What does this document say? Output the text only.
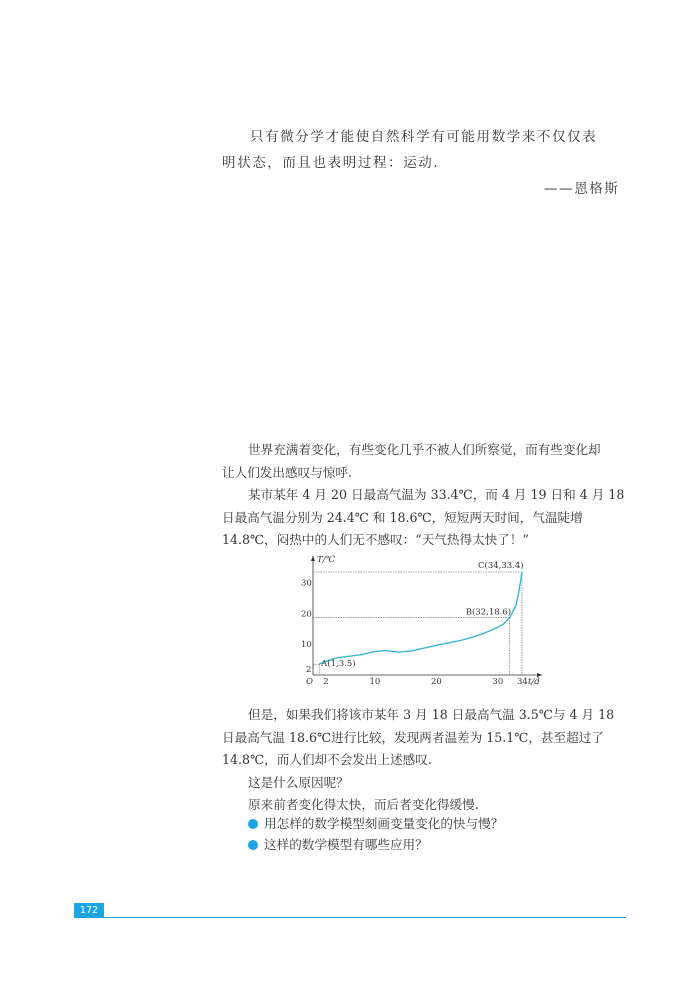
只有微分学才能使自然科学有可能用数学来不仅仅表
明状态，而且也表明过程：运动.
——恩格斯

世界充满着变化，有些变化几乎不被人们所察觉，而有些变化却
让人们发出感叹与惊呼.

某市某年 4 月 20 日最高气温为 33.4℃，而 4 月 19 日和 4 月 18
日最高气温分别为 24.4℃ 和 18.6℃，短短两天时间，气温陡增
14.8℃，闷热中的人们无不感叹：“天气热得太快了！”

2	10	20	30 34
2
10
20
30
O	t/d
T/℃
A(1,3.5)
B(32,18.6)
C(34,33.4)

但是，如果我们将该市某年 3 月 18 日最高气温 3.5℃与 4 月 18
日最高气温 18.6℃进行比较，发现两者温差为 15.1℃，甚至超过了
14.8℃，而人们却不会发出上述感叹.

这是什么原因呢？

原来前者变化得太快，而后者变化得缓慢.

用怎样的数学模型刻画变量变化的快与慢？
这样的数学模型有哪些应用？
172
